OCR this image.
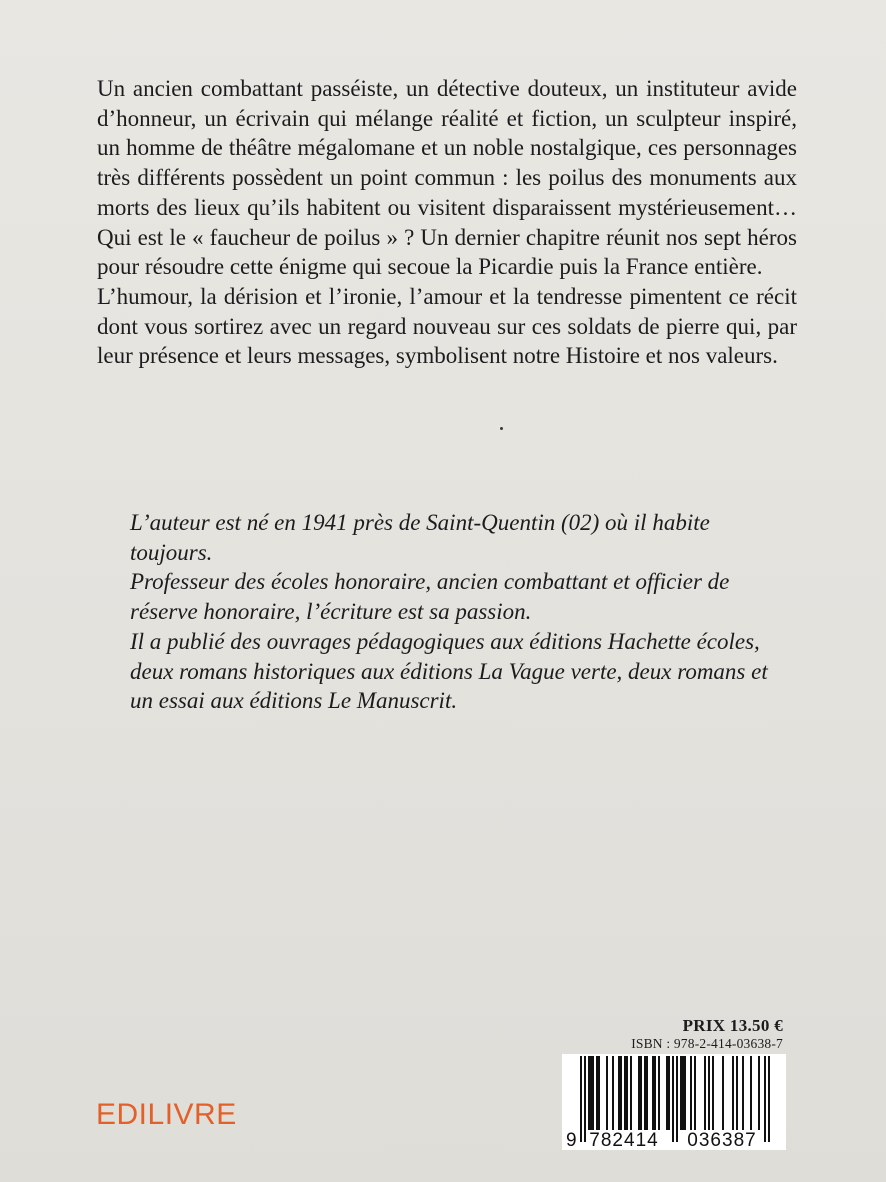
Un ancien combattant passéiste, un détective douteux, un instituteur avide d’honneur, un écrivain qui mélange réalité et fiction, un sculpteur inspiré, un homme de théâtre mégalomane et un noble nostalgique, ces personnages très différents possèdent un point commun : les poilus des monuments aux morts des lieux qu’ils habitent ou visitent disparaissent mystérieusement… Qui est le « faucheur de poilus » ? Un dernier chapitre réunit nos sept héros pour résoudre cette énigme qui secoue la Picardie puis la France entière.

L’humour, la dérision et l’ironie, l’amour et la tendresse pimentent ce récit dont vous sortirez avec un regard nouveau sur ces soldats de pierre qui, par leur présence et leurs messages, symbolisent notre Histoire et nos valeurs.

L’auteur est né en 1941 près de Saint-Quentin (02) où il habite toujours.

Professeur des écoles honoraire, ancien combattant et officier de réserve honoraire, l’écriture est sa passion.

Il a publié des ouvrages pédagogiques aux éditions Hachette écoles, deux romans historiques aux éditions La Vague verte, deux romans et un essai aux éditions Le Manuscrit.

EDILIVRE
PRIX 13.50 €
ISBN : 978-2-414-03638-7
9 782414 036387
